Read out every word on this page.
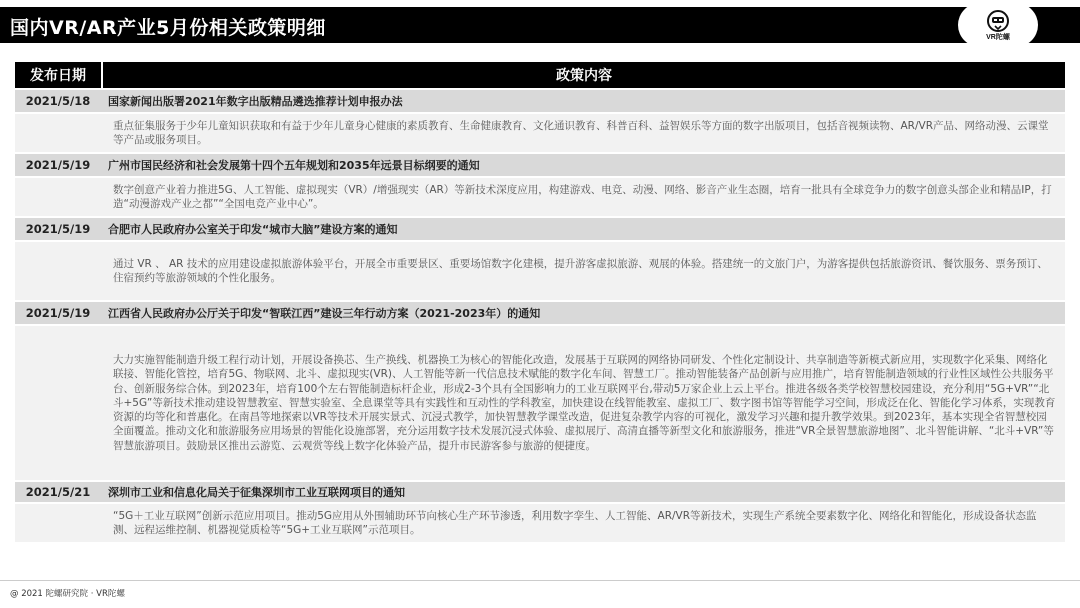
国内VR/AR产业5月份相关政策明细	VR陀螺
发布日期	政策内容
2021/5/18	国家新闻出版署2021年数字出版精品遴选推荐计划申报办法
重点征集服务于少年儿童知识获取和有益于少年儿童身心健康的素质教育、生命健康教育、文化通识教育、科普百科、益智娱乐等方面的数字出版项目，包括音视频读物、AR/VR产品、网络动漫、云课堂等产品或服务项目。
2021/5/19	广州市国民经济和社会发展第十四个五年规划和2035年远景目标纲要的通知
数字创意产业着力推进5G、人工智能、虚拟现实（VR）/增强现实（AR）等新技术深度应用，构建游戏、电竞、动漫、网络、影音产业生态圈，培育一批具有全球竞争力的数字创意头部企业和精品IP，打造“动漫游戏产业之都”“全国电竞产业中心”。
2021/5/19	合肥市人民政府办公室关于印发“城市大脑”建设方案的通知
通过 VR 、 AR 技术的应用建设虚拟旅游体验平台，开展全市重要景区、重要场馆数字化建模，提升游客虚拟旅游、观展的体验。搭建统一的文旅门户，为游客提供包括旅游资讯、餐饮服务、票务预订、住宿预约等旅游领域的个性化服务。
2021/5/19	江西省人民政府办公厅关于印发“智联江西”建设三年行动方案（2021-2023年）的通知
大力实施智能制造升级工程行动计划，开展设备换芯、生产换线、机器换工为核心的智能化改造，发展基于互联网的网络协同研发、个性化定制设计、共享制造等新模式新应用，实现数字化采集、网络化联接、智能化管控，培育5G、物联网、北斗、虚拟现实(VR)、人工智能等新一代信息技术赋能的数字化车间、智慧工厂。推动智能装备产品创新与应用推广，培育智能制造领域的行业性区域性公共服务平台、创新服务综合体。到2023年，培育100个左右智能制造标杆企业，形成2-3个具有全国影响力的工业互联网平台,带动5万家企业上云上平台。推进各级各类学校智慧校园建设，充分利用“5G+VR”“北斗+5G”等新技术推动建设智慧教室、智慧实验室、全息课堂等具有实践性和互动性的学科教室，加快建设在线智能教室、虚拟工厂、数字图书馆等智能学习空间，形成泛在化、智能化学习体系，实现教育资源的均等化和普惠化。在南昌等地探索以VR等技术开展实景式、沉浸式教学，加快智慧教学课堂改造，促进复杂教学内容的可视化，激发学习兴趣和提升教学效果。到2023年，基本实现全省智慧校园全面覆盖。推动文化和旅游服务应用场景的智能化设施部署，充分运用数字技术发展沉浸式体验、虚拟展厅、高清直播等新型文化和旅游服务，推进“VR全景智慧旅游地图”、北斗智能讲解、“北斗+VR”等智慧旅游项目。鼓励景区推出云游览、云观赏等线上数字化体验产品，提升市民游客参与旅游的便捷度。
2021/5/21	深圳市工业和信息化局关于征集深圳市工业互联网项目的通知
“5G＋工业互联网”创新示范应用项目。推动5G应用从外围辅助环节向核心生产环节渗透，利用数字孪生、人工智能、AR/VR等新技术，实现生产系统全要素数字化、网络化和智能化，形成设备状态监测、远程运维控制、机器视觉质检等“5G+工业互联网”示范项目。
@ 2021 陀螺研究院 · VR陀螺
